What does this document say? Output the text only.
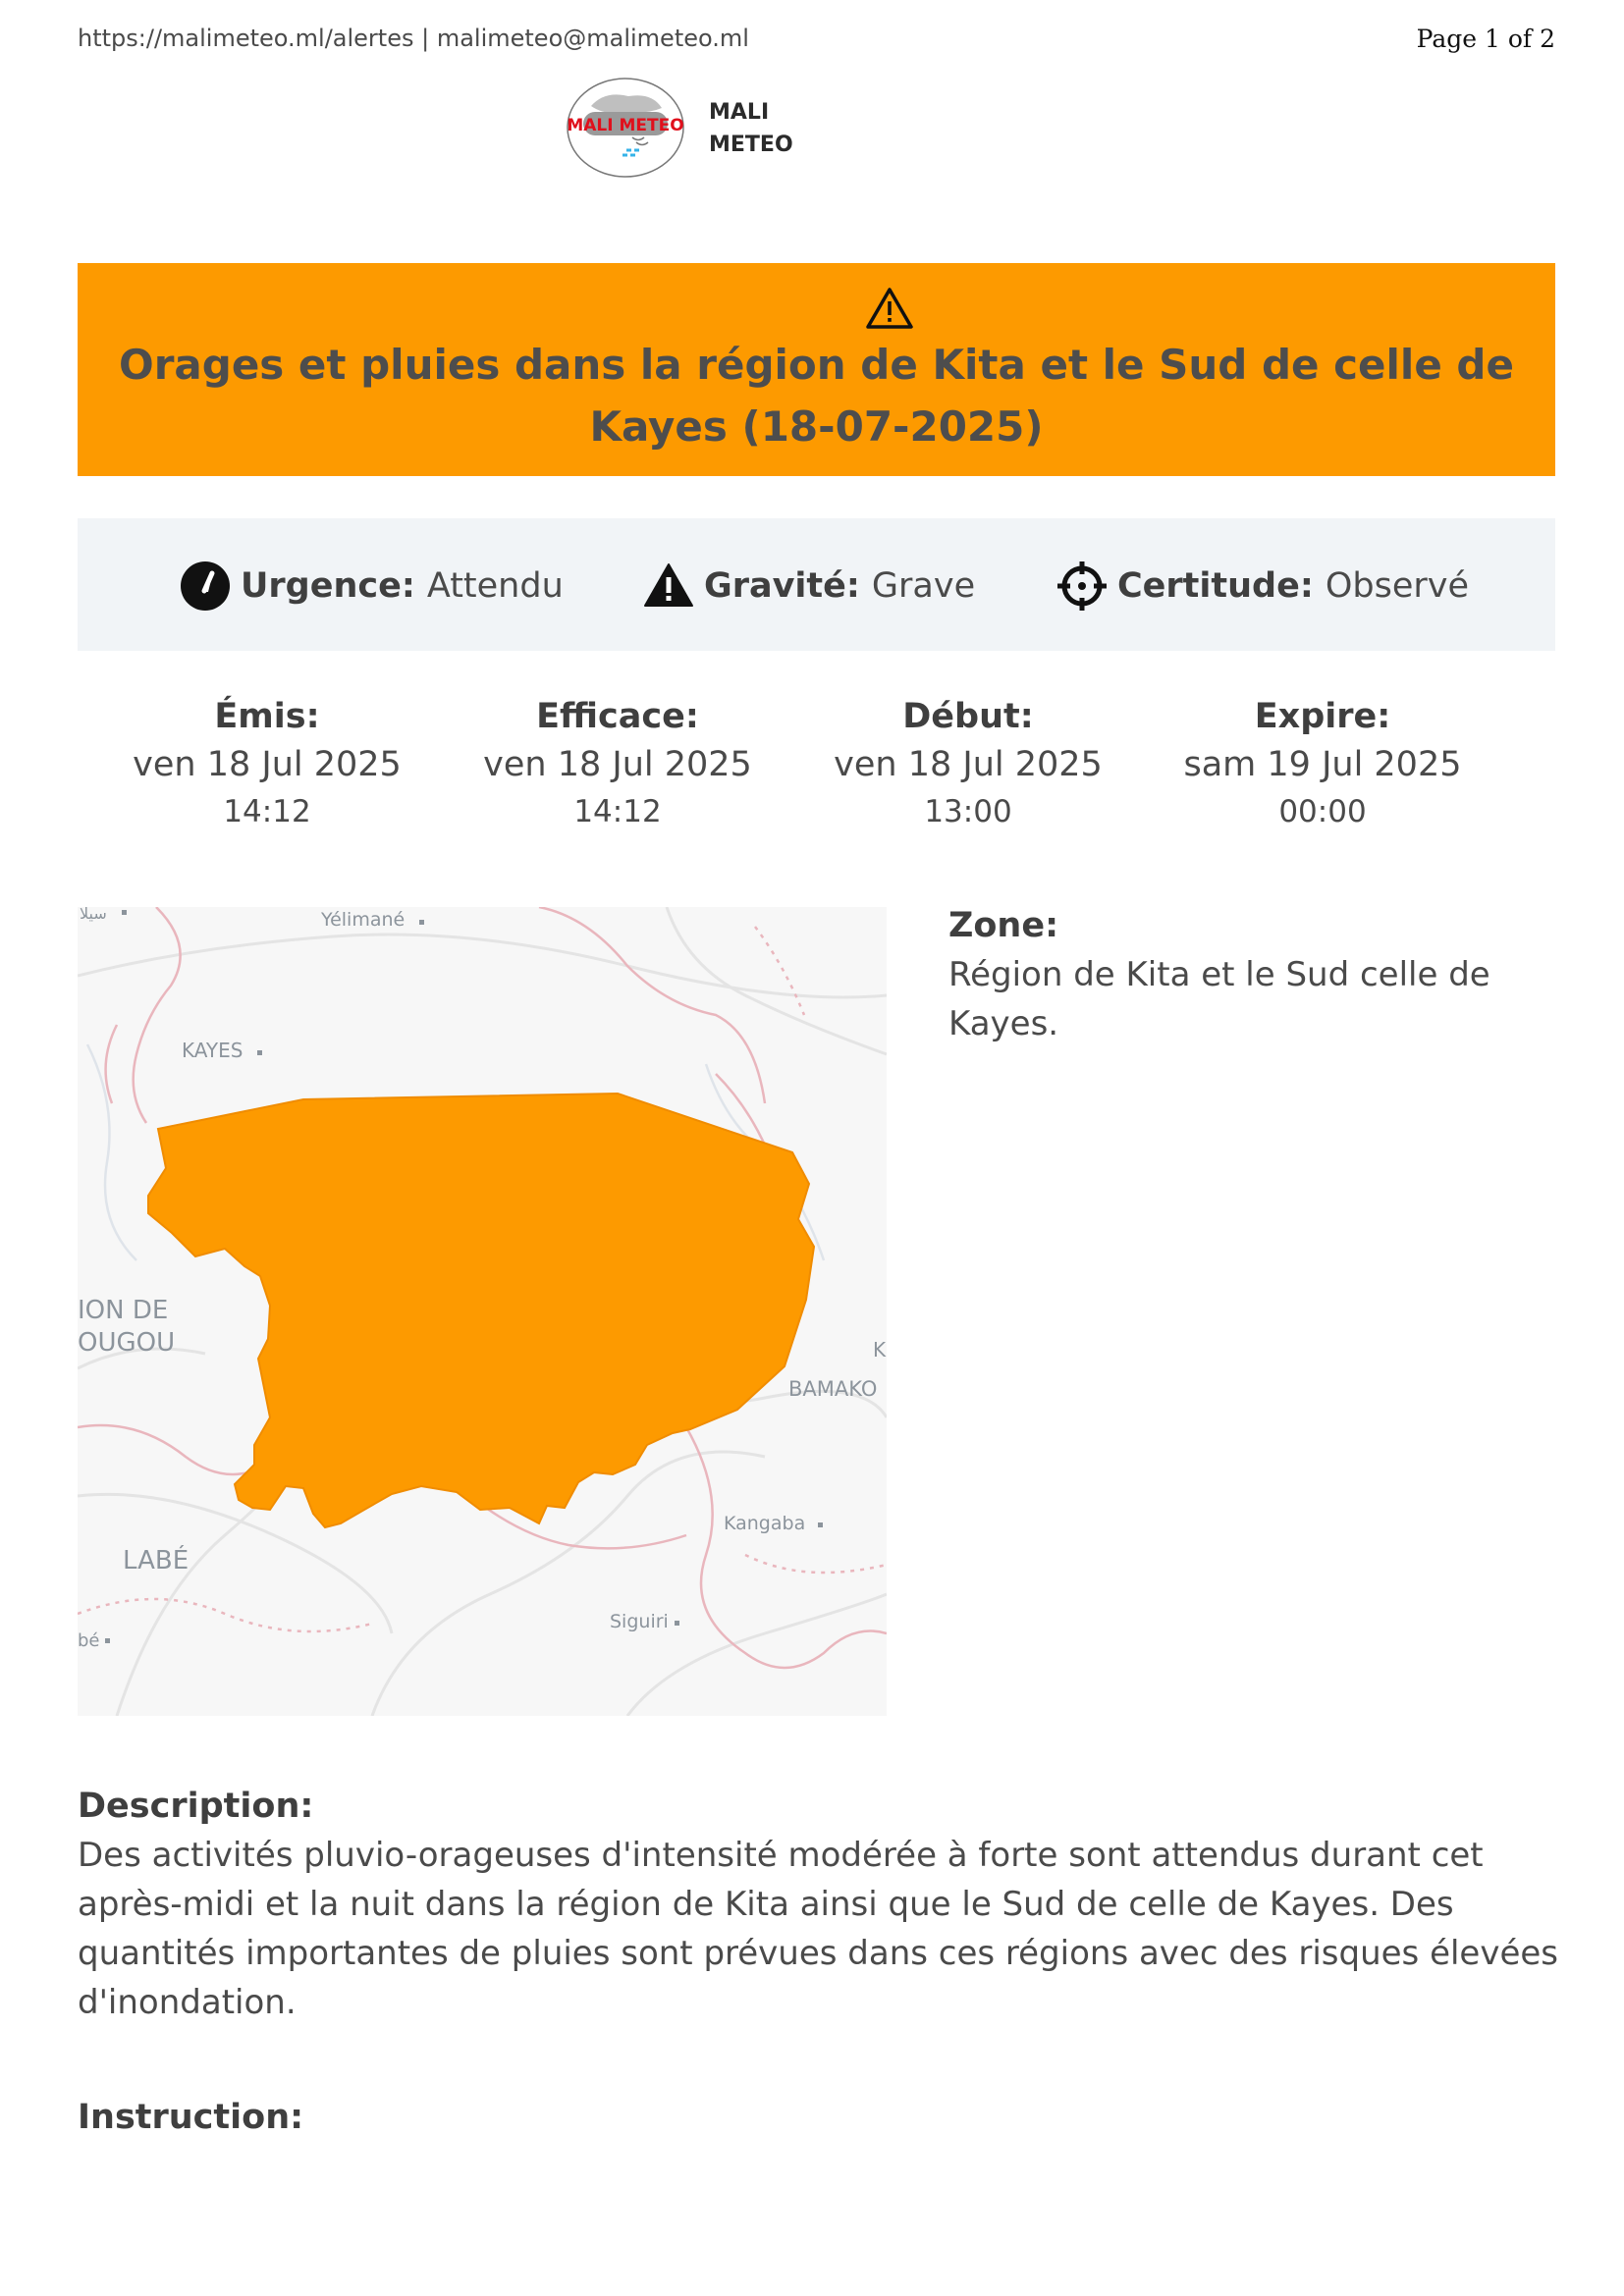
https://malimeteo.ml/alertes | malimeteo@malimeteo.ml	Page 1 of 2
MALI METEO
MALI
METEO
Orages et pluies dans la région de Kita et le Sud de celle de Kayes (18-07-2025)
Urgence: Attendu	Gravité: Grave	Certitude: Observé
Émis:
ven 18 Jul 2025
14:12
Efficace:
ven 18 Jul 2025
14:12
Début:
ven 18 Jul 2025
13:00
Expire:
sam 19 Jul 2025
00:00
سيلا	Yélimané
KAYES
ION DE
OUGOU	K
BAMAKO
Kangaba
LABÉ
bé
Siguiri
Zone:
Région de Kita et le Sud celle de Kayes.
Description:
Des activités pluvio-orageuses d'intensité modérée à forte sont attendus durant cet après-midi et la nuit dans la région de Kita ainsi que le Sud de celle de Kayes. Des quantités importantes de pluies sont prévues dans ces régions avec des risques élevées d'inondation.
Instruction:
